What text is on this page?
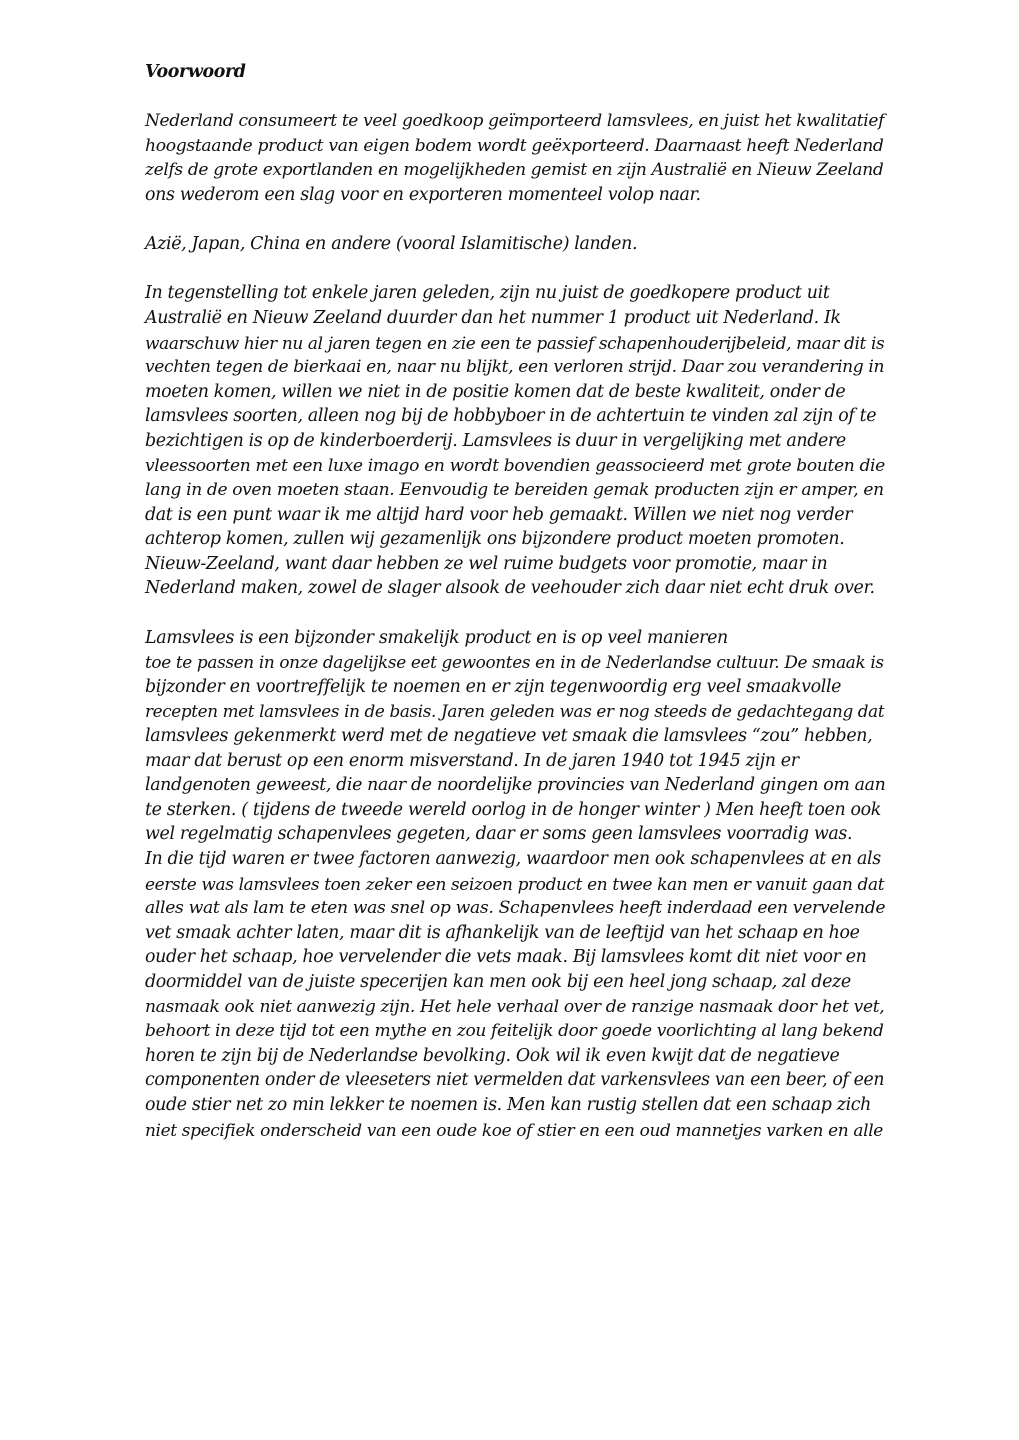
Voorwoord
Nederland consumeert te veel goedkoop geïmporteerd lamsvlees, en juist het kwalitatief
hoogstaande product van eigen bodem wordt geëxporteerd. Daarnaast heeft Nederland
zelfs de grote exportlanden en mogelijkheden gemist en zijn Australië en Nieuw Zeeland
ons wederom een slag voor en exporteren momenteel volop naar.
Azië, Japan, China en andere (vooral Islamitische) landen.
In tegenstelling tot enkele jaren geleden, zijn nu juist de goedkopere product uit
Australië en Nieuw Zeeland duurder dan het nummer 1 product uit Nederland. Ik
waarschuw hier nu al jaren tegen en zie een te passief schapenhouderijbeleid, maar dit is
vechten tegen de bierkaai en, naar nu blijkt, een verloren strijd. Daar zou verandering in
moeten komen, willen we niet in de positie komen dat de beste kwaliteit, onder de
lamsvlees soorten, alleen nog bij de hobbyboer in de achtertuin te vinden zal zijn of te
bezichtigen is op de kinderboerderij. Lamsvlees is duur in vergelijking met andere
vleessoorten met een luxe imago en wordt bovendien geassocieerd met grote bouten die
lang in de oven moeten staan. Eenvoudig te bereiden gemak producten zijn er amper, en
dat is een punt waar ik me altijd hard voor heb gemaakt. Willen we niet nog verder
achterop komen, zullen wij gezamenlijk ons bijzondere product moeten promoten.
Nieuw-Zeeland, want daar hebben ze wel ruime budgets voor promotie, maar in
Nederland maken, zowel de slager alsook de veehouder zich daar niet echt druk over.
Lamsvlees is een bijzonder smakelijk product en is op veel manieren
toe te passen in onze dagelijkse eet gewoontes en in de Nederlandse cultuur. De smaak is
bijzonder en voortreffelijk te noemen en er zijn tegenwoordig erg veel smaakvolle
recepten met lamsvlees in de basis. Jaren geleden was er nog steeds de gedachtegang dat
lamsvlees gekenmerkt werd met de negatieve vet smaak die lamsvlees “zou” hebben,
maar dat berust op een enorm misverstand. In de jaren 1940 tot 1945 zijn er
landgenoten geweest, die naar de noordelijke provincies van Nederland gingen om aan
te sterken. ( tijdens de tweede wereld oorlog in de honger winter ) Men heeft toen ook
wel regelmatig schapenvlees gegeten, daar er soms geen lamsvlees voorradig was.
In die tijd waren er twee factoren aanwezig, waardoor men ook schapenvlees at en als
eerste was lamsvlees toen zeker een seizoen product en twee kan men er vanuit gaan dat
alles wat als lam te eten was snel op was. Schapenvlees heeft inderdaad een vervelende
vet smaak achter laten, maar dit is afhankelijk van de leeftijd van het schaap en hoe
ouder het schaap, hoe vervelender die vets maak. Bij lamsvlees komt dit niet voor en
doormiddel van de juiste specerijen kan men ook bij een heel jong schaap, zal deze
nasmaak ook niet aanwezig zijn. Het hele verhaal over de ranzige nasmaak door het vet,
behoort in deze tijd tot een mythe en zou feitelijk door goede voorlichting al lang bekend
horen te zijn bij de Nederlandse bevolking. Ook wil ik even kwijt dat de negatieve
componenten onder de vleeseters niet vermelden dat varkensvlees van een beer, of een
oude stier net zo min lekker te noemen is. Men kan rustig stellen dat een schaap zich
niet specifiek onderscheid van een oude koe of stier en een oud mannetjes varken en alle
